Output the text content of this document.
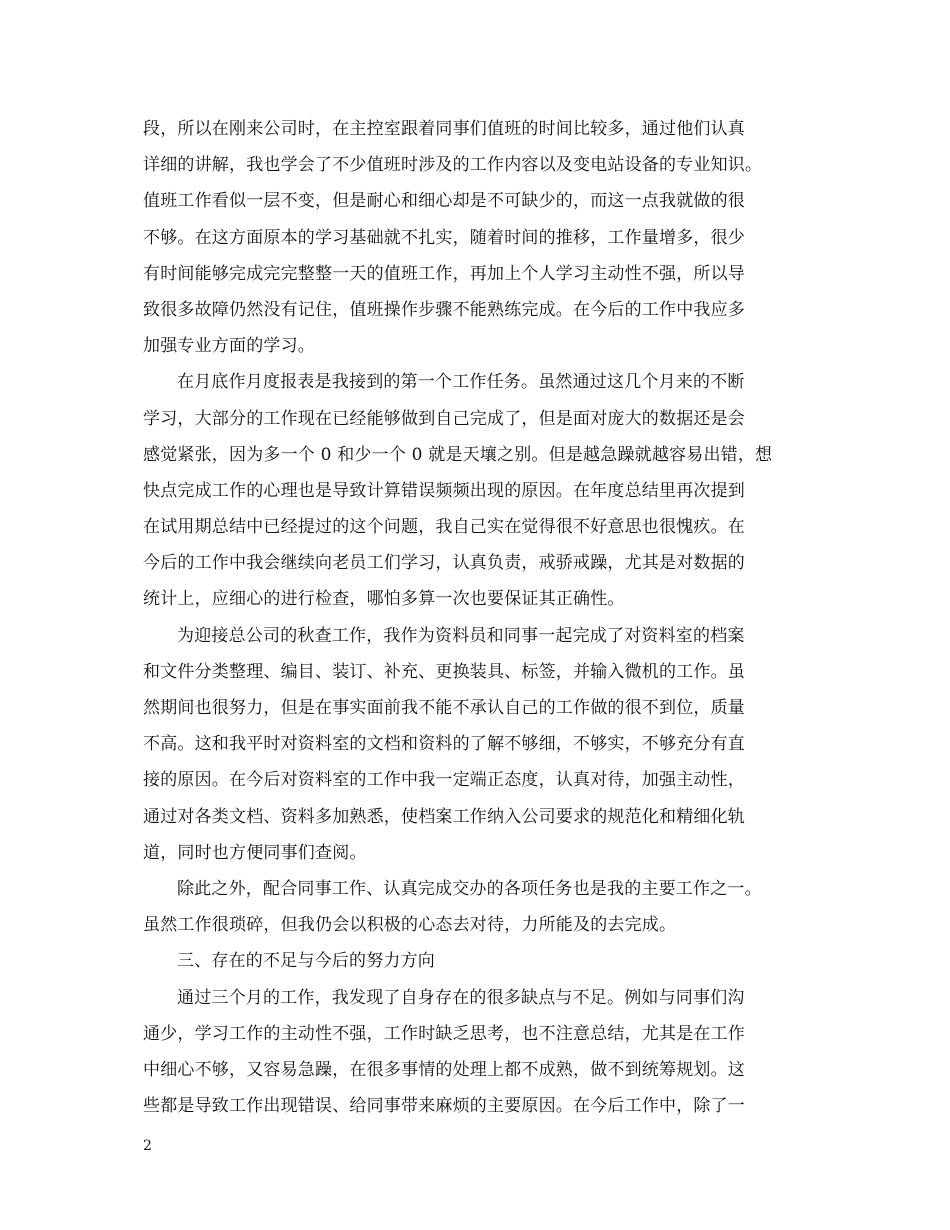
段，所以在刚来公司时，在主控室跟着同事们值班的时间比较多，通过他们认真
详细的讲解，我也学会了不少值班时涉及的工作内容以及变电站设备的专业知识。
值班工作看似一层不变，但是耐心和细心却是不可缺少的，而这一点我就做的很
不够。在这方面原本的学习基础就不扎实，随着时间的推移，工作量增多，很少
有时间能够完成完完整整一天的值班工作，再加上个人学习主动性不强，所以导
致很多故障仍然没有记住，值班操作步骤不能熟练完成。在今后的工作中我应多
加强专业方面的学习。
在月底作月度报表是我接到的第一个工作任务。虽然通过这几个月来的不断
学习，大部分的工作现在已经能够做到自己完成了，但是面对庞大的数据还是会
感觉紧张，因为多一个 0 和少一个 0 就是天壤之别。但是越急躁就越容易出错，想
快点完成工作的心理也是导致计算错误频频出现的原因。在年度总结里再次提到
在试用期总结中已经提过的这个问题，我自己实在觉得很不好意思也很愧疚。在
今后的工作中我会继续向老员工们学习，认真负责，戒骄戒躁，尤其是对数据的
统计上，应细心的进行检查，哪怕多算一次也要保证其正确性。
为迎接总公司的秋查工作，我作为资料员和同事一起完成了对资料室的档案
和文件分类整理、编目、装订、补充、更换装具、标签，并输入微机的工作。虽
然期间也很努力，但是在事实面前我不能不承认自己的工作做的很不到位，质量
不高。这和我平时对资料室的文档和资料的了解不够细，不够实，不够充分有直
接的原因。在今后对资料室的工作中我一定端正态度，认真对待，加强主动性，
通过对各类文档、资料多加熟悉，使档案工作纳入公司要求的规范化和精细化轨
道，同时也方便同事们查阅。
除此之外，配合同事工作、认真完成交办的各项任务也是我的主要工作之一。
虽然工作很琐碎，但我仍会以积极的心态去对待，力所能及的去完成。
三、存在的不足与今后的努力方向
通过三个月的工作，我发现了自身存在的很多缺点与不足。例如与同事们沟
通少，学习工作的主动性不强，工作时缺乏思考，也不注意总结，尤其是在工作
中细心不够，又容易急躁，在很多事情的处理上都不成熟，做不到统筹规划。这
些都是导致工作出现错误、给同事带来麻烦的主要原因。在今后工作中，除了一
2
